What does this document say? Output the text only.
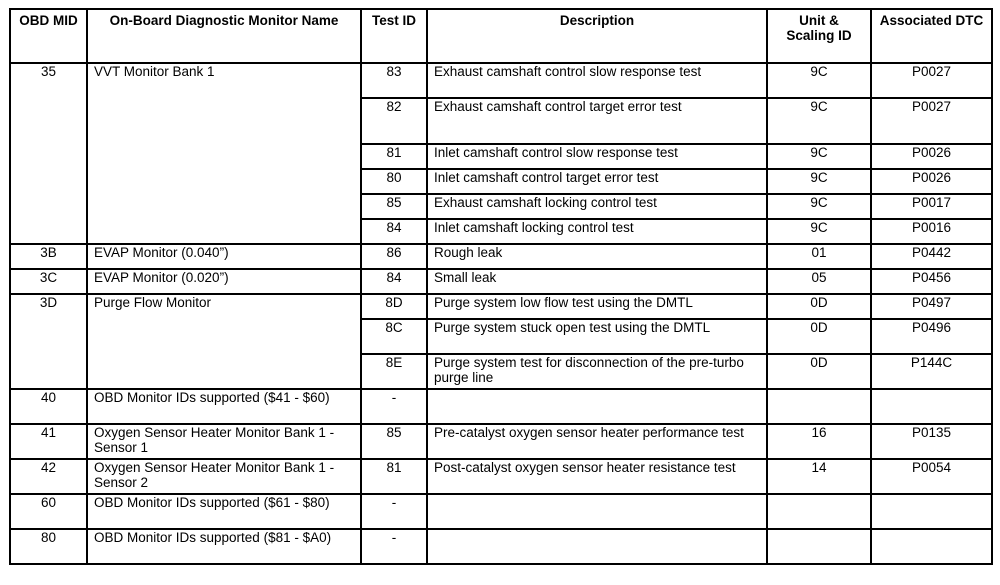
OBD MID	On-Board Diagnostic Monitor Name	Test ID	Description	Unit & Scaling ID	Associated DTC
35	VVT Monitor Bank 1	83	Exhaust camshaft control slow response test	9C	P0027
		82	Exhaust camshaft control target error test	9C	P0027
		81	Inlet camshaft control slow response test	9C	P0026
		80	Inlet camshaft control target error test	9C	P0026
		85	Exhaust camshaft locking control test	9C	P0017
		84	Inlet camshaft locking control test	9C	P0016
3B	EVAP Monitor (0.040”)	86	Rough leak	01	P0442
3C	EVAP Monitor (0.020”)	84	Small leak	05	P0456
3D	Purge Flow Monitor	8D	Purge system low flow test using the DMTL	0D	P0497
		8C	Purge system stuck open test using the DMTL	0D	P0496
		8E	Purge system test for disconnection of the pre-turbo purge line	0D	P144C
40	OBD Monitor IDs supported ($41 - $60)	-			
41	Oxygen Sensor Heater Monitor Bank 1 - Sensor 1	85	Pre-catalyst oxygen sensor heater performance test	16	P0135
42	Oxygen Sensor Heater Monitor Bank 1 - Sensor 2	81	Post-catalyst oxygen sensor heater resistance test	14	P0054
60	OBD Monitor IDs supported ($61 - $80)	-			
80	OBD Monitor IDs supported ($81 - $A0)	-			
